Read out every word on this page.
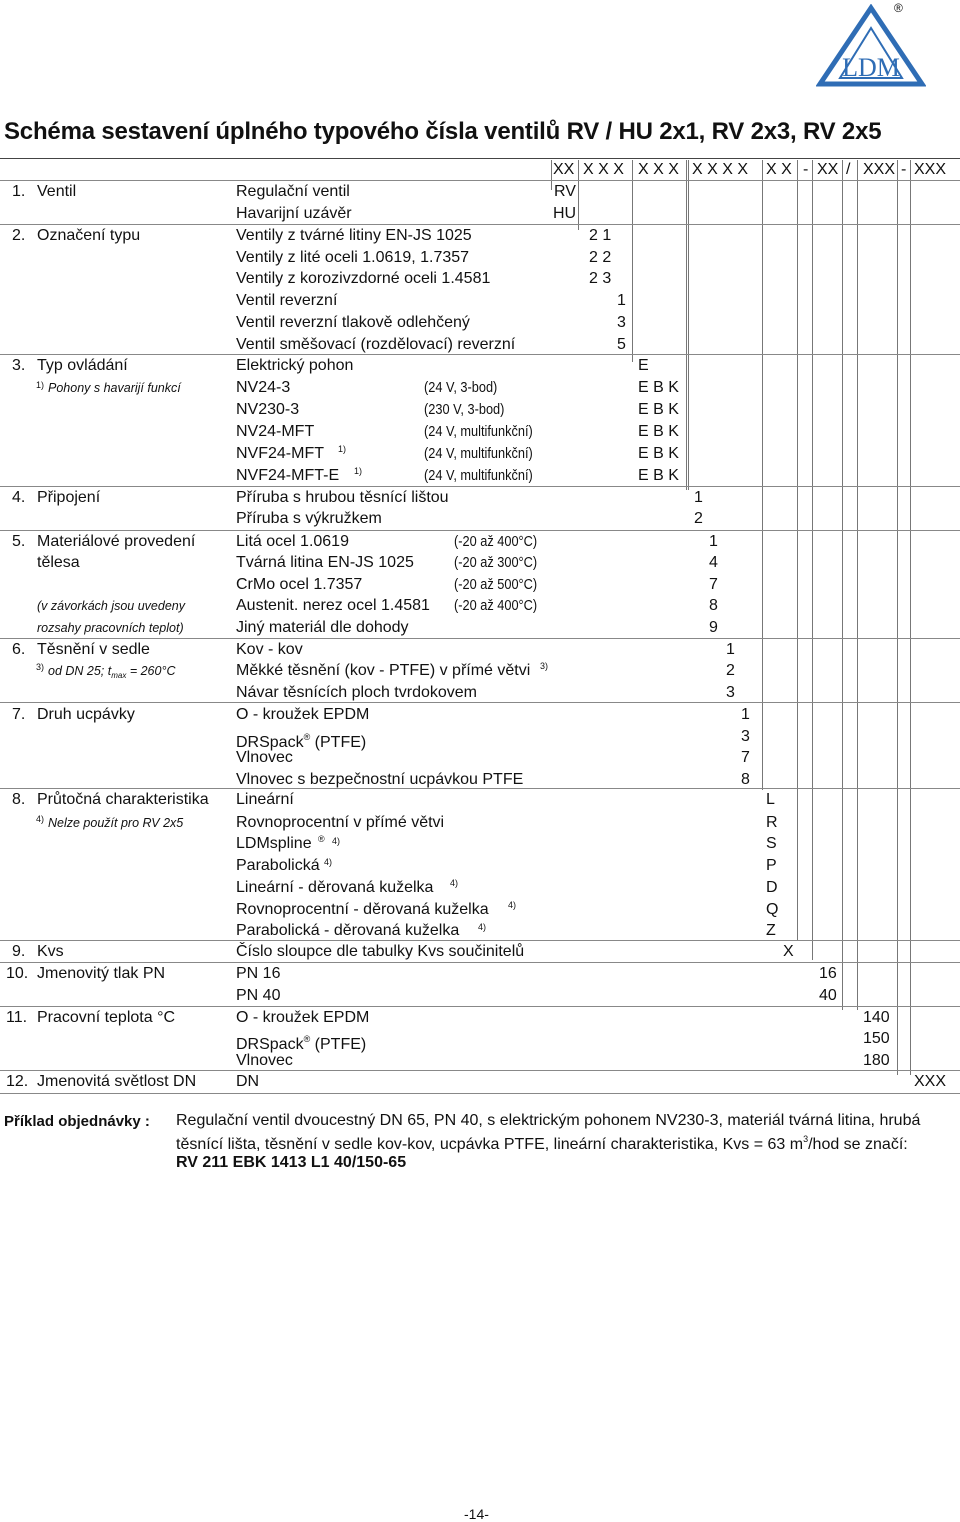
LDM
®
Schéma sestavení úplného typového čísla ventilů RV / HU 2x1, RV 2x3, RV 2x5
XX X X X X X X X X X X X X - XX / XXX - XXX
1. Ventil
2. Označení typu
3. Typ ovládání
4. Připojení
5. Materiálové provedení
tělesa
6. Těsnění v sedle
7. Druh ucpávky
8. Průtočná charakteristika
9. Kvs
10. Jmenovitý tlak PN
11. Pracovní teplota °C
12. Jmenovitá světlost DN
1) Pohony s havarijí funkcí
(v závorkách jsou uvedeny
rozsahy pracovních teplot)
3) od DN 25; $t_{max} = 260^\circ C$
4) Nelze použít pro RV 2x5
Regulační ventil
Havarijní uzávěr
Ventily z tvárné litiny EN-JS 1025
Ventily z lité oceli 1.0619, 1.7357
Ventily z korozivzdorné oceli 1.4581
Ventil reverzní
Ventil reverzní tlakově odlehčený
Ventil směšovací (rozdělovací) reverzní
Elektrický pohon
NV24-3
NV230-3
NV24-MFT
NVF24-MFT 1)
NVF24-MFT-E 1)
Příruba s hrubou těsnící lištou
Příruba s výkružkem
Litá ocel 1.0619
Tvárná litina EN-JS 1025
CrMo ocel 1.7357
Austenit. nerez ocel 1.4581
Jiný materiál dle dohody
Kov - kov
Měkké těsnění (kov - PTFE) v přímé větvi 3)
Návar těsnících ploch tvrdokovem
O - kroužek EPDM
DRSpack® (PTFE)
Vlnovec
Vlnovec s bezpečnostní ucpávkou PTFE
Lineární
Rovnoprocentní v přímé větvi
LDMspline ® 4)
Parabolická 4)
Lineární - děrovaná kuželka 4)
Rovnoprocentní - děrovaná kuželka 4)
Parabolická - děrovaná kuželka 4)
Číslo sloupce dle tabulky Kvs součinitelů
PN 16
PN 40
O - kroužek EPDM
DRSpack® (PTFE)
Vlnovec
DN
(24 V, 3-bod)
(230 V, 3-bod)
(24 V, multifunkční)
(24 V, multifunkční)
(24 V, multifunkční)
(-20 až 400°C)
(-20 až 300°C)
(-20 až 500°C)
(-20 až 400°C)
RV
HU
2 1
2 2
2 3
1
3
5
E
E B K
E B K
E B K
E B K
E B K
1
2
1
4
7
8
9
1
2
3
1
3
7
8
L
R
S
P
D
Q
Z
X
16
40
140
150
180
XXX
Příklad objednávky : Regulační ventil dvoucestný DN 65, PN 40, s elektrickým pohonem NV230-3, materiál tvárná litina, hrubá těsnící lišta, těsnění v sedle kov-kov, ucpávka PTFE, lineární charakteristika, Kvs = 63 $m^3$/hod se značí:
RV 211 EBK 1413 L1 40/150-65
-14-
